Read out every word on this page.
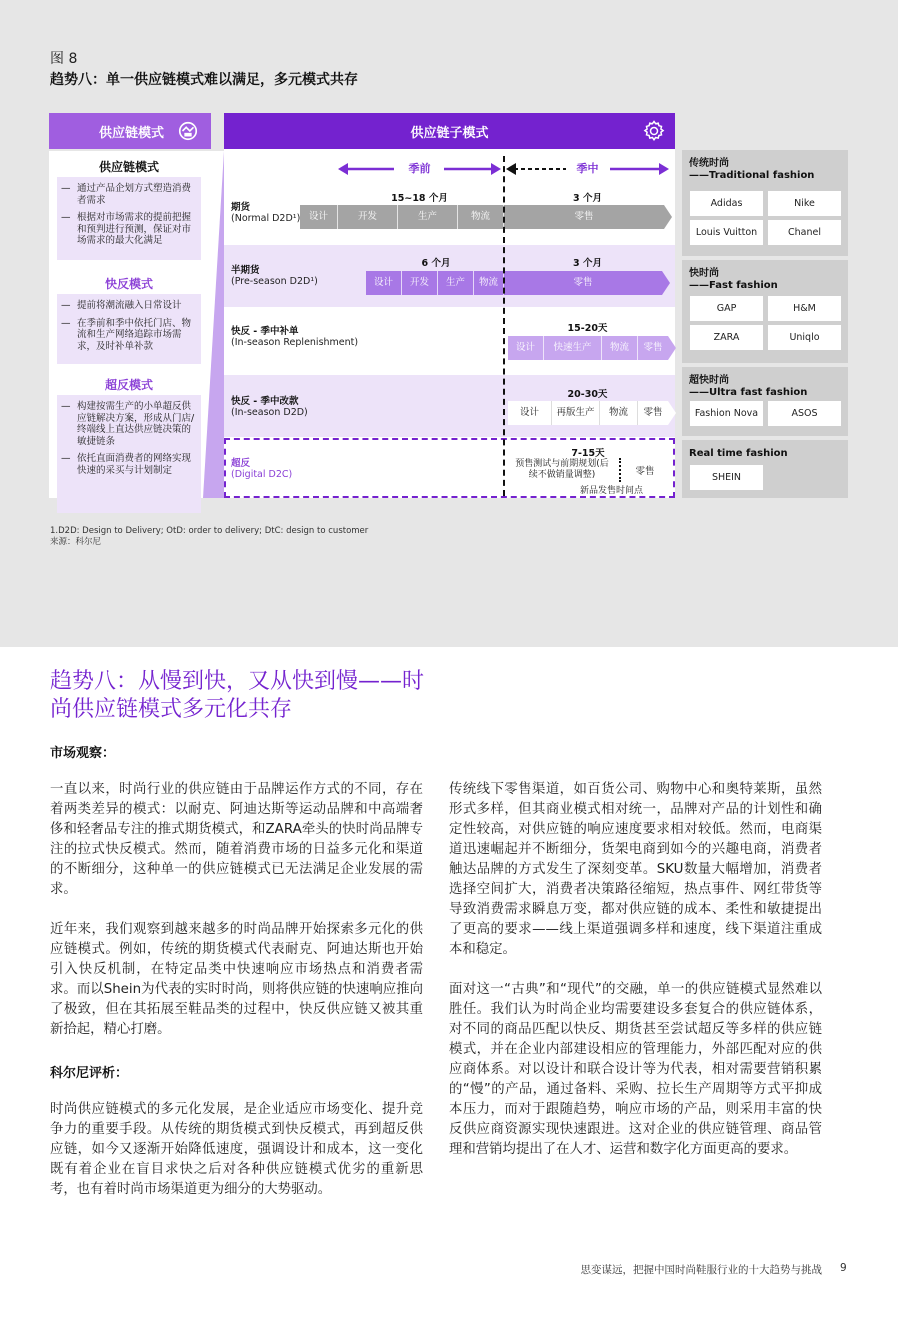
图 8
趋势八：单一供应链模式难以满足，多元模式共存
供应链模式
供应链模式
— 通过产品企划方式塑造消费者需求
— 根据对市场需求的提前把握和预判进行预测，保证对市场需求的最大化满足
快反模式
— 提前将潮流融入日常设计
— 在季前和季中依托门店、物流和生产网络追踪市场需求，及时补单补款
超反模式
— 构建按需生产的小单超反供应链解决方案，形成从门店/终端线上直达供应链决策的敏捷链条
— 依托直面消费者的网络实现快速的采买与计划制定
供应链子模式
季前	季中
期货
(Normal D2D¹)
15~18 个月	3 个月
设计	开发	生产	物流	零售
半期货
(Pre-season D2D¹)
6 个月	3 个月
设计	开发	生产	物流	零售
快反 - 季中补单
(In-season Replenishment)
15-20天
设计	快速生产	物流	零售
快反 - 季中改款
(In-season D2D)
20-30天
设计	再版生产	物流	零售
超反
(Digital D2C)
7-15天
预售测试与前期规划(后续不做销量调整)	零售
新品发售时间点
传统时尚
——Traditional fashion
Adidas	Nike
Louis Vuitton	Chanel
快时尚
——Fast fashion
GAP	H&M
ZARA	Uniqlo
超快时尚
——Ultra fast fashion
Fashion Nova	ASOS
Real time fashion
SHEIN
1.D2D: Design to Delivery; OtD: order to delivery; DtC: design to customer
来源：科尔尼
趋势八：从慢到快，又从快到慢——时
尚供应链模式多元化共存
市场观察：
一直以来，时尚行业的供应链由于品牌运作方式的不同，存在着两类差异的模式：以耐克、阿迪达斯等运动品牌和中高端奢侈和轻奢品专注的推式期货模式，和ZARA牵头的快时尚品牌专注的拉式快反模式。然而，随着消费市场的日益多元化和渠道的不断细分，这种单一的供应链模式已无法满足企业发展的需求。
近年来，我们观察到越来越多的时尚品牌开始探索多元化的供应链模式。例如，传统的期货模式代表耐克、阿迪达斯也开始引入快反机制，在特定品类中快速响应市场热点和消费者需求。而以Shein为代表的实时时尚，则将供应链的快速响应推向了极致，但在其拓展至鞋品类的过程中，快反供应链又被其重新拾起，精心打磨。
科尔尼评析：
时尚供应链模式的多元化发展，是企业适应市场变化、提升竞争力的重要手段。从传统的期货模式到快反模式，再到超反供应链，如今又逐渐开始降低速度，强调设计和成本，这一变化既有着企业在盲目求快之后对各种供应链模式优劣的重新思考，也有着时尚市场渠道更为细分的大势驱动。
传统线下零售渠道，如百货公司、购物中心和奥特莱斯，虽然形式多样，但其商业模式相对统一，品牌对产品的计划性和确定性较高，对供应链的响应速度要求相对较低。然而，电商渠道迅速崛起并不断细分，货架电商到如今的兴趣电商，消费者触达品牌的方式发生了深刻变革。SKU数量大幅增加，消费者选择空间扩大，消费者决策路径缩短，热点事件、网红带货等导致消费需求瞬息万变，都对供应链的成本、柔性和敏捷提出了更高的要求——线上渠道强调多样和速度，线下渠道注重成本和稳定。
面对这一“古典”和“现代”的交融，单一的供应链模式显然难以胜任。我们认为时尚企业均需要建设多套复合的供应链体系，对不同的商品匹配以快反、期货甚至尝试超反等多样的供应链模式，并在企业内部建设相应的管理能力，外部匹配对应的供应商体系。对以设计和联合设计等为代表，相对需要营销积累的“慢”的产品，通过备料、采购、拉长生产周期等方式平抑成本压力，而对于跟随趋势，响应市场的产品，则采用丰富的快反供应商资源实现快速跟进。这对企业的供应链管理、商品管理和营销均提出了在人才、运营和数字化方面更高的要求。
思变谋远，把握中国时尚鞋服行业的十大趋势与挑战 9
